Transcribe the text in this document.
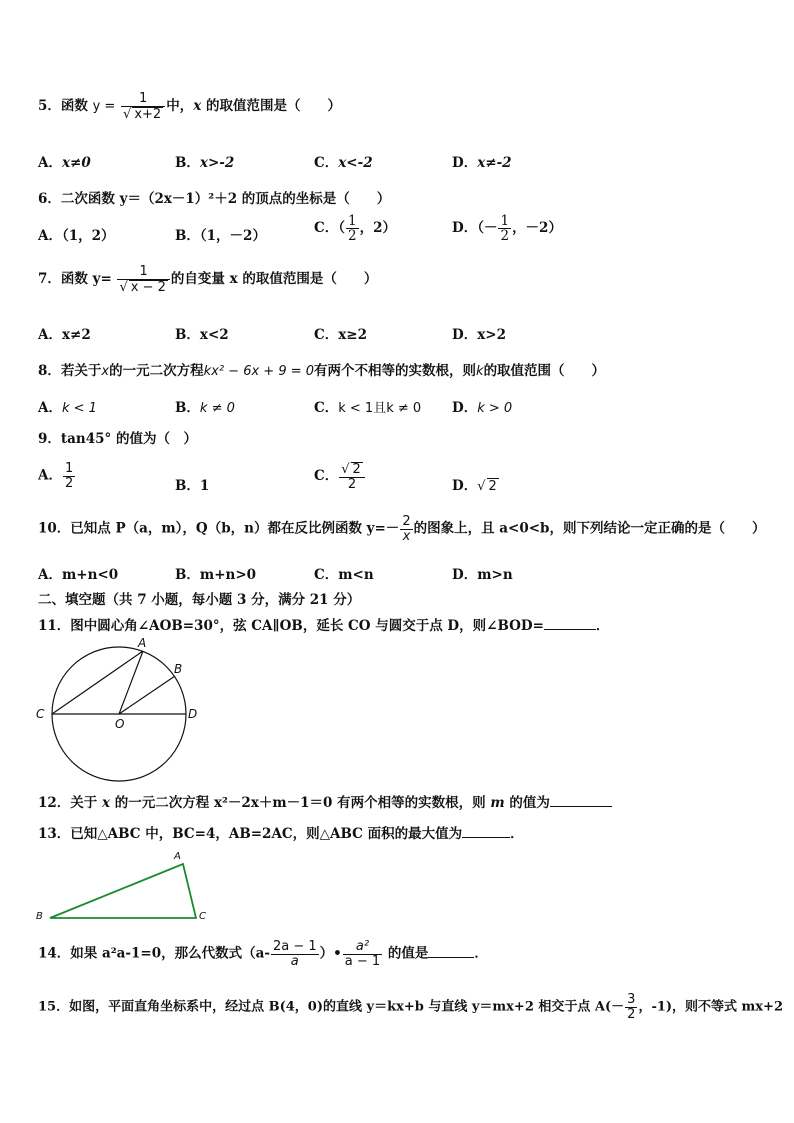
5．函数 $y = \frac{1}{√ x+2}$ 中，x 的取值范围是（　　）
A．x≠0	B．x>-2	C．x<-2	D．x≠-2
6．二次函数 y＝（2x－1）²＋2 的顶点的坐标是（　　）
A．（1，2）	B．（1，－2）	C．（ $\frac{1}{2}$ ，2）	D．（－ $\frac{1}{2}$ ，－2）
7．函数 $y= \frac{1}{√ x - 2}$ 的自变量 x 的取值范围是（　　）
A．x≠2	B．x<2	C．x≥2	D．x>2
8．若关于x的一元二次方程kx² − 6x + 9 = 0有两个不相等的实数根，则k的取值范围（　　）
A．k < 1	B．k ≠ 0	C．k < 1且k ≠ 0 D．k > 0
9．tan45° 的值为（　）
A． $\frac{1}{2}$	B．1
C． $\frac{√ 2}{2}$	D．√ 2
10．已知点 P（a，m），Q（b，n）都在反比例函数 $y=- \frac{2}{x}$ 的图象上，且 a<0<b，则下列结论一定正确的是（　　）
A．m+n<0	B．m+n>0	C．m<n	D．m>n
二、填空题（共 7 小题，每小题 3 分，满分 21 分）
11．图中圆心角∠AOB=30°，弦 CA∥OB，延长 CO 与圆交于点 D，则∠BOD=	．
A
B
C
O
D
12．关于 x 的一元二次方程 x²－2x＋m－1＝0 有两个相等的实数根，则 m 的值为
13．已知△ABC 中，BC=4，AB=2AC，则△ABC 面积的最大值为	．
A
B	C
14．如果 a²a-1=0，那么代数式（$a- \frac{2a - 1}{a}$ ）• $\frac{\text{a²}}{a - 1}$ 的值是	．
15．如图，平面直角坐标系中，经过点 B(4，0)的直线 y＝kx+b 与直线 y＝mx+2 相交于点 $A(- \frac{3}{2}$ ，-1)，则不等式 mx+2
